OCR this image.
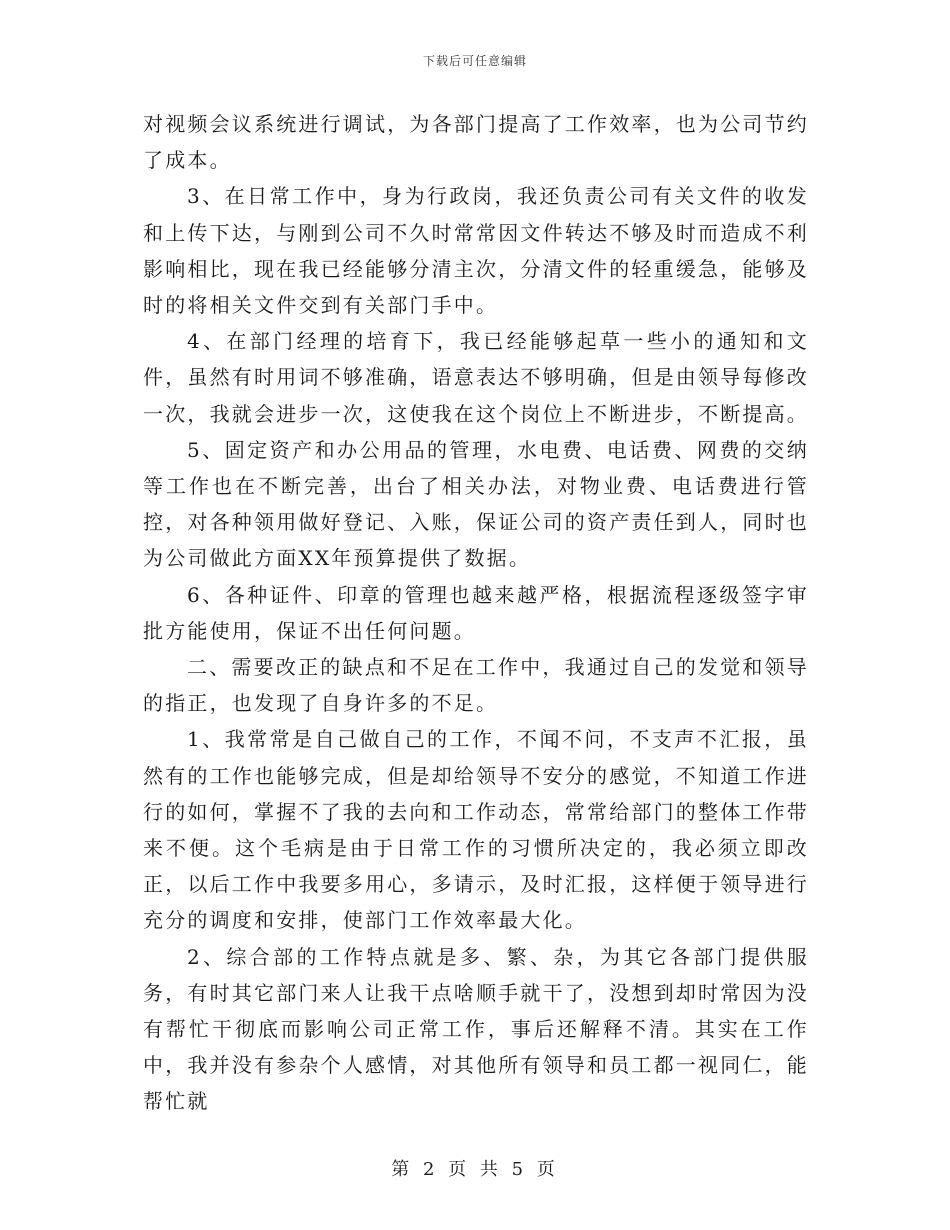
下载后可任意编辑

对视频会议系统进行调试，为各部门提高了工作效率，也为公司节约了成本。

3、在日常工作中，身为行政岗，我还负责公司有关文件的收发和上传下达，与刚到公司不久时常常因文件转达不够及时而造成不利影响相比，现在我已经能够分清主次，分清文件的轻重缓急，能够及时的将相关文件交到有关部门手中。

4、在部门经理的培育下，我已经能够起草一些小的通知和文件，虽然有时用词不够准确，语意表达不够明确，但是由领导每修改一次，我就会进步一次，这使我在这个岗位上不断进步，不断提高。

5、固定资产和办公用品的管理，水电费、电话费、网费的交纳等工作也在不断完善，出台了相关办法，对物业费、电话费进行管控，对各种领用做好登记、入账，保证公司的资产责任到人，同时也为公司做此方面XX年预算提供了数据。

6、各种证件、印章的管理也越来越严格，根据流程逐级签字审批方能使用，保证不出任何问题。

二、需要改正的缺点和不足在工作中，我通过自己的发觉和领导的指正，也发现了自身许多的不足。

1、我常常是自己做自己的工作，不闻不问，不支声不汇报，虽然有的工作也能够完成，但是却给领导不安分的感觉，不知道工作进行的如何，掌握不了我的去向和工作动态，常常给部门的整体工作带来不便。这个毛病是由于日常工作的习惯所决定的，我必须立即改正，以后工作中我要多用心，多请示，及时汇报，这样便于领导进行充分的调度和安排，使部门工作效率最大化。

2、综合部的工作特点就是多、繁、杂，为其它各部门提供服务，有时其它部门来人让我干点啥顺手就干了，没想到却时常因为没有帮忙干彻底而影响公司正常工作，事后还解释不清。其实在工作中，我并没有参杂个人感情，对其他所有领导和员工都一视同仁，能帮忙就

第 2 页 共 5 页
